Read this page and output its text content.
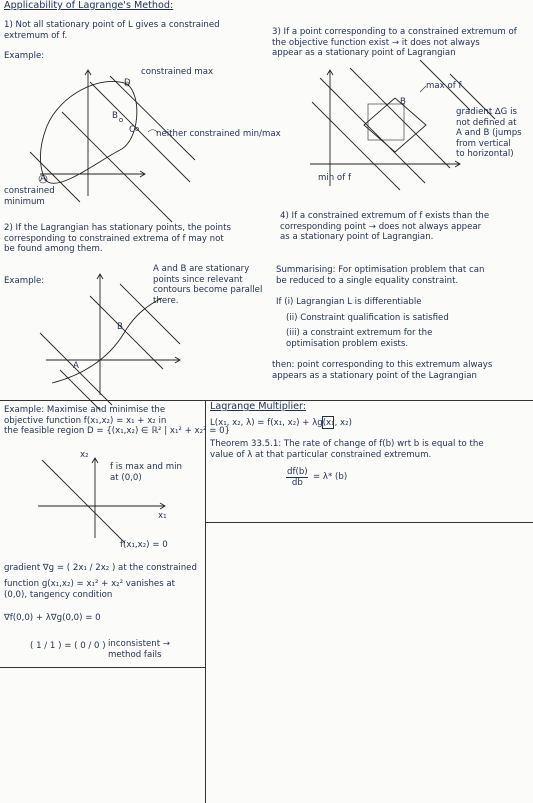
Applicability of Lagrange's Method:
1) Not all stationary point of L gives a constrained
extremum of f.
Example:
constrained max
D
B
C neither constrained min/max
A
constrained
minimum
3) If a point corresponding to a constrained extremum of
the objective function exist → it does not always
appear as a stationary point of Lagrangian
max of f
B
gradient ∆G is
not defined at
A and B (jumps
from vertical
to horizontal)
min of f
2) If the Lagrangian has stationary points, the points
corresponding to constrained extrema of f may not
be found among them.
Example:
A and B are stationary
points since relevant
contours become parallel
there.
B
A
4) If a constrained extremum of f exists than the
corresponding point → does not always appear
as a stationary point of Lagrangian.
Summarising: For optimisation problem that can
be reduced to a single equality constraint.
If (i) Lagrangian L is differentiable
(ii) Constraint qualification is satisfied
(iii) a constraint extremum for the
optimisation problem exists.
then: point corresponding to this extremum always
appears as a stationary point of the Lagrangian
Example: Maximise and minimise the
objective function f(x₁,x₂) = x₁ + x₂ in
the feasible region D = {(x₁,x₂) ∈ ℝ² | x₁² + x₂² = 0}
x₂
f is max and min
at (0,0)
x₁
f(x₁,x₂) = 0
gradient ∇g = ( 2x₁ / 2x₂ ) at the constrained
function g(x₁,x₂) = x₁² + x₂² vanishes at
(0,0), tangency condition
∇f(0,0) + λ∇g(0,0) = 0
( 1 / 1 ) = ( 0 / 0 ) inconsistent →
method fails
Lagrange Multiplier:
L(x₁, x₂, λ) = f(x₁, x₂) + λg(x₁, x₂)
Theorem 33.5.1: The rate of change of f(b) wrt b is equal to the
value of λ at that particular constrained extremum.
df(b)
db
= λ* (b)
